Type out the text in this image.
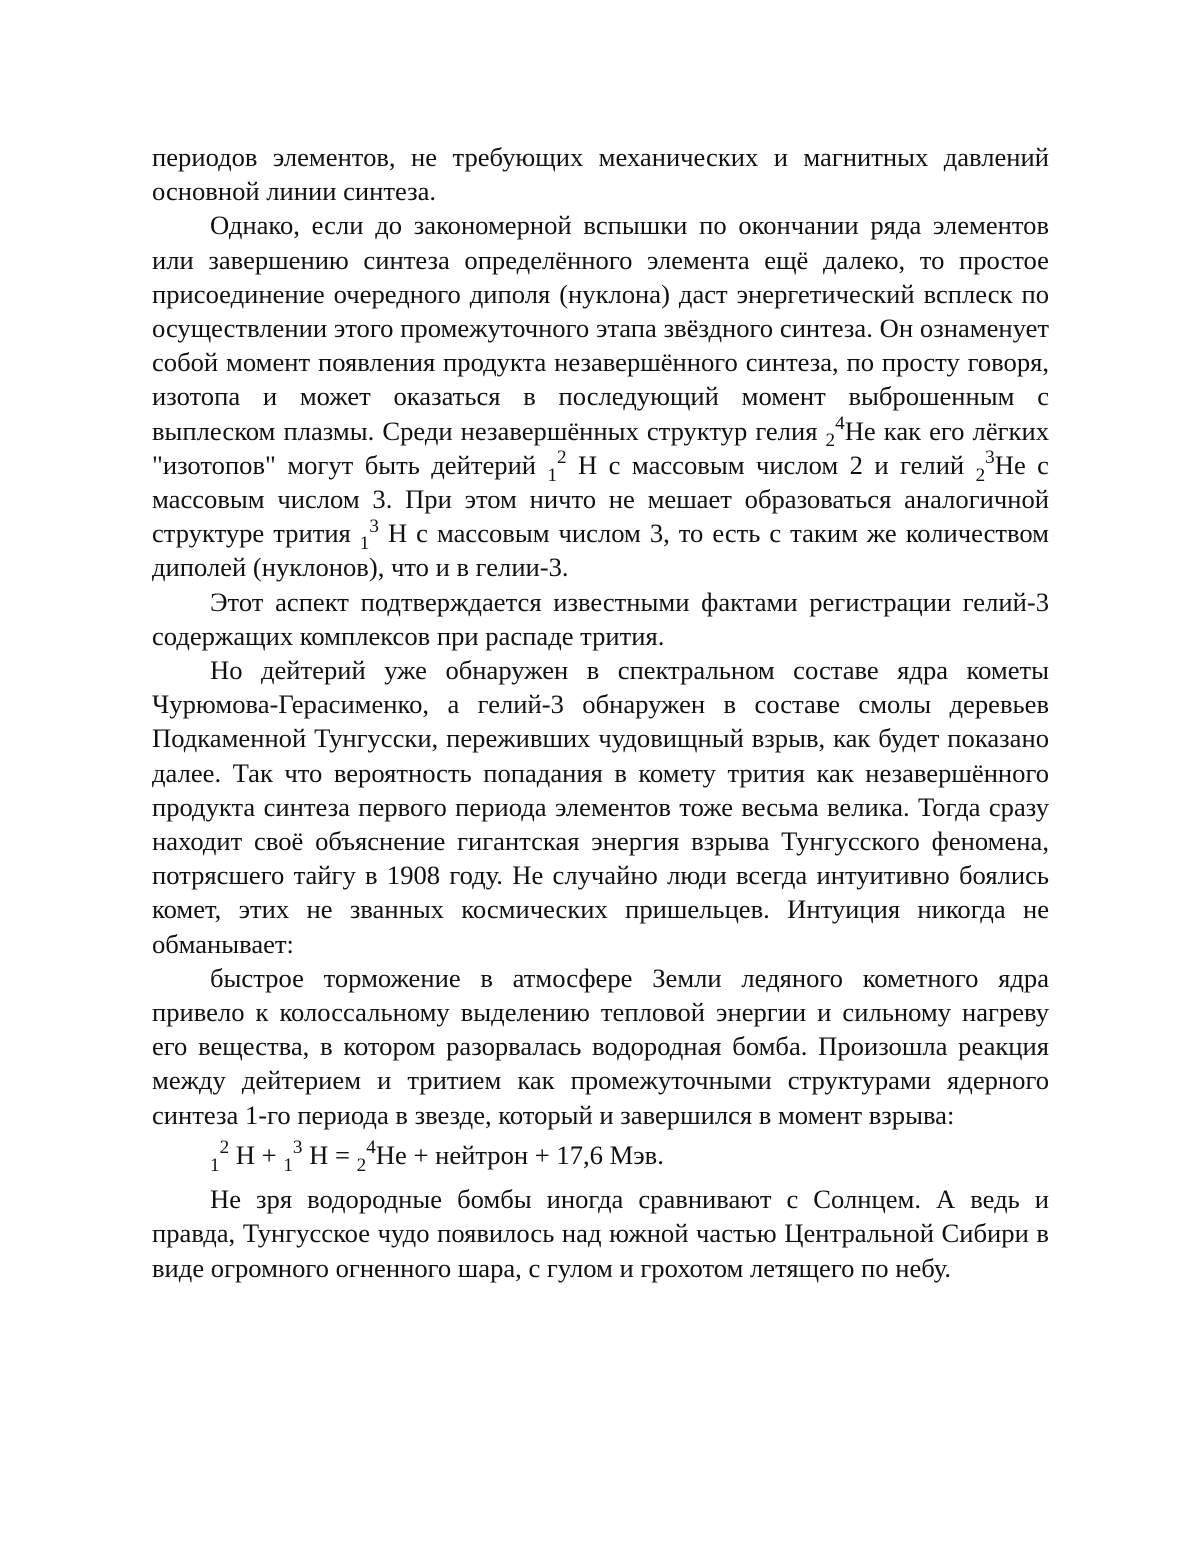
периодов элементов, не требующих механических и магнитных давлений основной линии синтеза.

Однако, если до закономерной вспышки по окончании ряда элементов или завершению синтеза определённого элемента ещё далеко, то простое присоединение очередного диполя (нуклона) даст энергетический всплеск по осуществлении этого промежуточного этапа звёздного синтеза. Он ознаменует собой момент появления продукта незавершённого синтеза, по просту говоря, изотопа и может оказаться в последующий момент выброшенным с выплеском плазмы. Среди незавершённых структур гелия $_2^4$Не как его лёгких "изотопов" могут быть дейтерий $_1^2$ Н с массовым числом 2 и гелий $_2^3$Не с массовым числом 3. При этом ничто не мешает образоваться аналогичной структуре трития $_1^3$ Н с массовым числом 3, то есть с таким же количеством диполей (нуклонов), что и в гелии-3.

Этот аспект подтверждается известными фактами регистрации гелий-3 содержащих комплексов при распаде трития.

Но дейтерий уже обнаружен в спектральном составе ядра кометы Чурюмова-Герасименко, а гелий-3 обнаружен в составе смолы деревьев Подкаменной Тунгусски, переживших чудовищный взрыв, как будет показано далее. Так что вероятность попадания в комету трития как незавершённого продукта синтеза первого периода элементов тоже весьма велика. Тогда сразу находит своё объяснение гигантская энергия взрыва Тунгусского феномена, потрясшего тайгу в 1908 году. Не случайно люди всегда интуитивно боялись комет, этих не званных космических пришельцев. Интуиция никогда не обманывает:

быстрое торможение в атмосфере Земли ледяного кометного ядра привело к колоссальному выделению тепловой энергии и сильному нагреву его вещества, в котором разорвалась водородная бомба. Произошла реакция между дейтерием и тритием как промежуточными структурами ядерного синтеза 1-го периода в звезде, который и завершился в момент взрыва:

$_1^2$ Н + $_1^3$ Н = $_2^4$Не + нейтрон + 17,6 Мэв.

Не зря водородные бомбы иногда сравнивают с Солнцем. А ведь и правда, Тунгусское чудо появилось над южной частью Центральной Сибири в виде огромного огненного шара, с гулом и грохотом летящего по небу.
